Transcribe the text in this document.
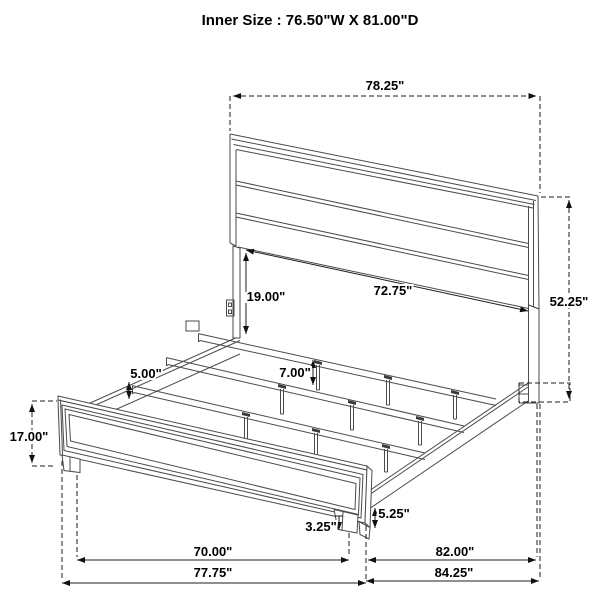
Inner Size : 76.50"W X 81.00"D
78.25"
52.25"
72.75"
19.00"
5.00"	7.00"
17.00"
3.25"
5.25"
70.00"
77.75"
82.00"
84.25"
